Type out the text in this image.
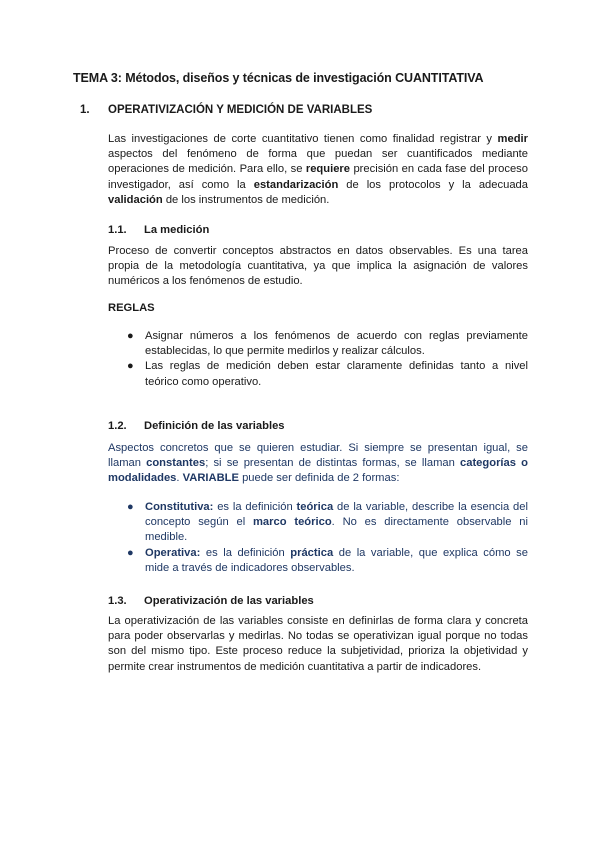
TEMA 3: Métodos, diseños y técnicas de investigación CUANTITATIVA
1. OPERATIVIZACIÓN Y MEDICIÓN DE VARIABLES
Las investigaciones de corte cuantitativo tienen como finalidad registrar y medir aspectos del fenómeno de forma que puedan ser cuantificados mediante operaciones de medición. Para ello, se requiere precisión en cada fase del proceso investigador, así como la estandarización de los protocolos y la adecuada validación de los instrumentos de medición.
1.1. La medición
Proceso de convertir conceptos abstractos en datos observables. Es una tarea propia de la metodología cuantitativa, ya que implica la asignación de valores numéricos a los fenómenos de estudio.
REGLAS
● Asignar números a los fenómenos de acuerdo con reglas previamente establecidas, lo que permite medirlos y realizar cálculos.
● Las reglas de medición deben estar claramente definidas tanto a nivel teórico como operativo.
1.2. Definición de las variables
Aspectos concretos que se quieren estudiar. Si siempre se presentan igual, se llaman constantes; si se presentan de distintas formas, se llaman categorías o modalidades. VARIABLE puede ser definida de 2 formas:
● Constitutiva: es la definición teórica de la variable, describe la esencia del concepto según el marco teórico. No es directamente observable ni medible.
● Operativa: es la definición práctica de la variable, que explica cómo se mide a través de indicadores observables.
1.3. Operativización de las variables
La operativización de las variables consiste en definirlas de forma clara y concreta para poder observarlas y medirlas. No todas se operativizan igual porque no todas son del mismo tipo. Este proceso reduce la subjetividad, prioriza la objetividad y permite crear instrumentos de medición cuantitativa a partir de indicadores.
